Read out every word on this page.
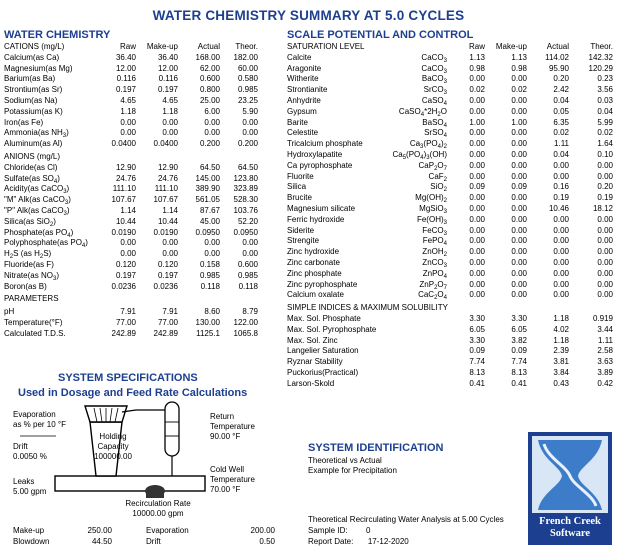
WATER CHEMISTRY SUMMARY AT 5.0 CYCLES
WATER CHEMISTRY
CATIONS (mg/L)	Raw	Make-up	Actual	Theor.
Calcium(as Ca)	36.40	36.40	168.00	182.00
Magnesium(as Mg)	12.00	12.00	62.00	60.00
Barium(as Ba)	0.116	0.116	0.600	0.580
Strontium(as Sr)	0.197	0.197	0.800	0.985
Sodium(as Na)	4.65	4.65	25.00	23.25
Potassium(as K)	1.18	1.18	6.00	5.90
Iron(as Fe)	0.00	0.00	0.00	0.00
Ammonia(as $NH_3$)	0.00	0.00	0.00	0.00
Aluminum(as Al)	0.0400	0.0400	0.200	0.200

ANIONS (mg/L)				
Chloride(as Cl)	12.90	12.90	64.50	64.50
Sulfate(as $SO_4$)	24.76	24.76	145.00	123.80
Acidity(as CaCO$_3$)	111.10	111.10	389.90	323.89
"M" Alk(as CaCO$_3$)	107.67	107.67	561.05	528.30
"P" Alk(as CaCO$_3$)	1.14	1.14	87.67	103.76
Silica(as SiO$_2$)	10.44	10.44	45.00	52.20
Phosphate(as $PO_4$)	0.0190	0.0190	0.0950	0.0950
Polyphosphate(as $PO_4$)	0.00	0.00	0.00	0.00
$H_2S$ (as $H_2S$)	0.00	0.00	0.00	0.00
Fluoride(as F)	0.120	0.120	0.158	0.600
Nitrate(as $NO_3$)	0.197	0.197	0.985	0.985
Boron(as B)	0.0236	0.0236	0.118	0.118

PARAMETERS				

pH	7.91	7.91	8.60	8.79
Temperature(°F)	77.00	77.00	130.00	122.00
Calculated T.D.S.	242.89	242.89	1125.1	1065.8
SCALE POTENTIAL AND CONTROL
SATURATION LEVEL		Raw	Make-up	Actual	Theor.
Calcite	CaCO$_3$	1.13	1.13	114.02	142.32
Aragonite	CaCO$_3$	0.98	0.98	95.90	120.29
Witherite	BaCO$_3$	0.00	0.00	0.20	0.23
Strontianite	SrCO$_3$	0.02	0.02	2.42	3.56
Anhydrite	CaSO$_4$	0.00	0.00	0.04	0.03
Gypsum	$CaSO_4*2H_2O$	0.00	0.00	0.05	0.04
Barite	BaSO$_4$	1.00	1.00	6.35	5.99
Celestite	SrSO$_4$	0.00	0.00	0.02	0.02
Tricalcium phosphate	$Ca_3(PO_4)_2$	0.00	0.00	1.11	1.64
Hydroxylapatite	$Ca_5(PO_4)_3(OH)$	0.00	0.00	0.04	0.10
Ca pyrophosphate	$CaP_2O_7$	0.00	0.00	0.00	0.00
Fluorite	CaF$_2$	0.00	0.00	0.00	0.00
Silica	SiO$_2$	0.09	0.09	0.16	0.20
Brucite	$Mg(OH)_2$	0.00	0.00	0.19	0.19
Magnesium silicate	MgSiO$_3$	0.00	0.00	10.46	18.12
Ferric hydroxide	$Fe(OH)_3$	0.00	0.00	0.00	0.00
Siderite	FeCO$_3$	0.00	0.00	0.00	0.00
Strengite	FePO$_4$	0.00	0.00	0.00	0.00
Zinc hydroxide	ZnOH$_2$	0.00	0.00	0.00	0.00
Zinc carbonate	ZnCO$_3$	0.00	0.00	0.00	0.00
Zinc phosphate	ZnPO$_4$	0.00	0.00	0.00	0.00
Zinc pyrophosphate	$ZnP_2O_7$	0.00	0.00	0.00	0.00
Calcium oxalate	$CaC_2O_4$	0.00	0.00	0.00	0.00

SIMPLE INDICES & MAXIMUM SOLUBILITY					
Max. Sol. Phosphate		3.30	3.30	1.18	0.919
Max. Sol. Pyrophosphate		6.05	6.05	4.02	3.44
Max. Sol. Zinc		3.30	3.82	1.18	1.11
Langelier Saturation		0.09	0.09	2.39	2.58
Ryznar Stability		7.74	7.74	3.81	3.63
Puckorius(Practical)		8.13	8.13	3.84	3.89
Larson-Skold		0.41	0.41	0.43	0.42
SYSTEM SPECIFICATIONS
Used in Dosage and Feed Rate Calculations
Evaporation
as % per 10 °F
Drift
0.0050 %
Leaks
5.00 gpm
Holding
Capacity
100000.00
Return
Temperature
90.00 °F
Cold Well
Temperature
70.00 °F
Recirculation Rate
10000.00 gpm
Make-up	250.00	Evaporation	200.00
Blowdown	44.50	Drift	0.50
SYSTEM IDENTIFICATION
Theoretical vs Actual
Example for Precipitation
Theoretical Recirculating Water Analysis at 5.00 Cycles
Sample ID: 0
Report Date: 17-12-2020
French Creek
Software
